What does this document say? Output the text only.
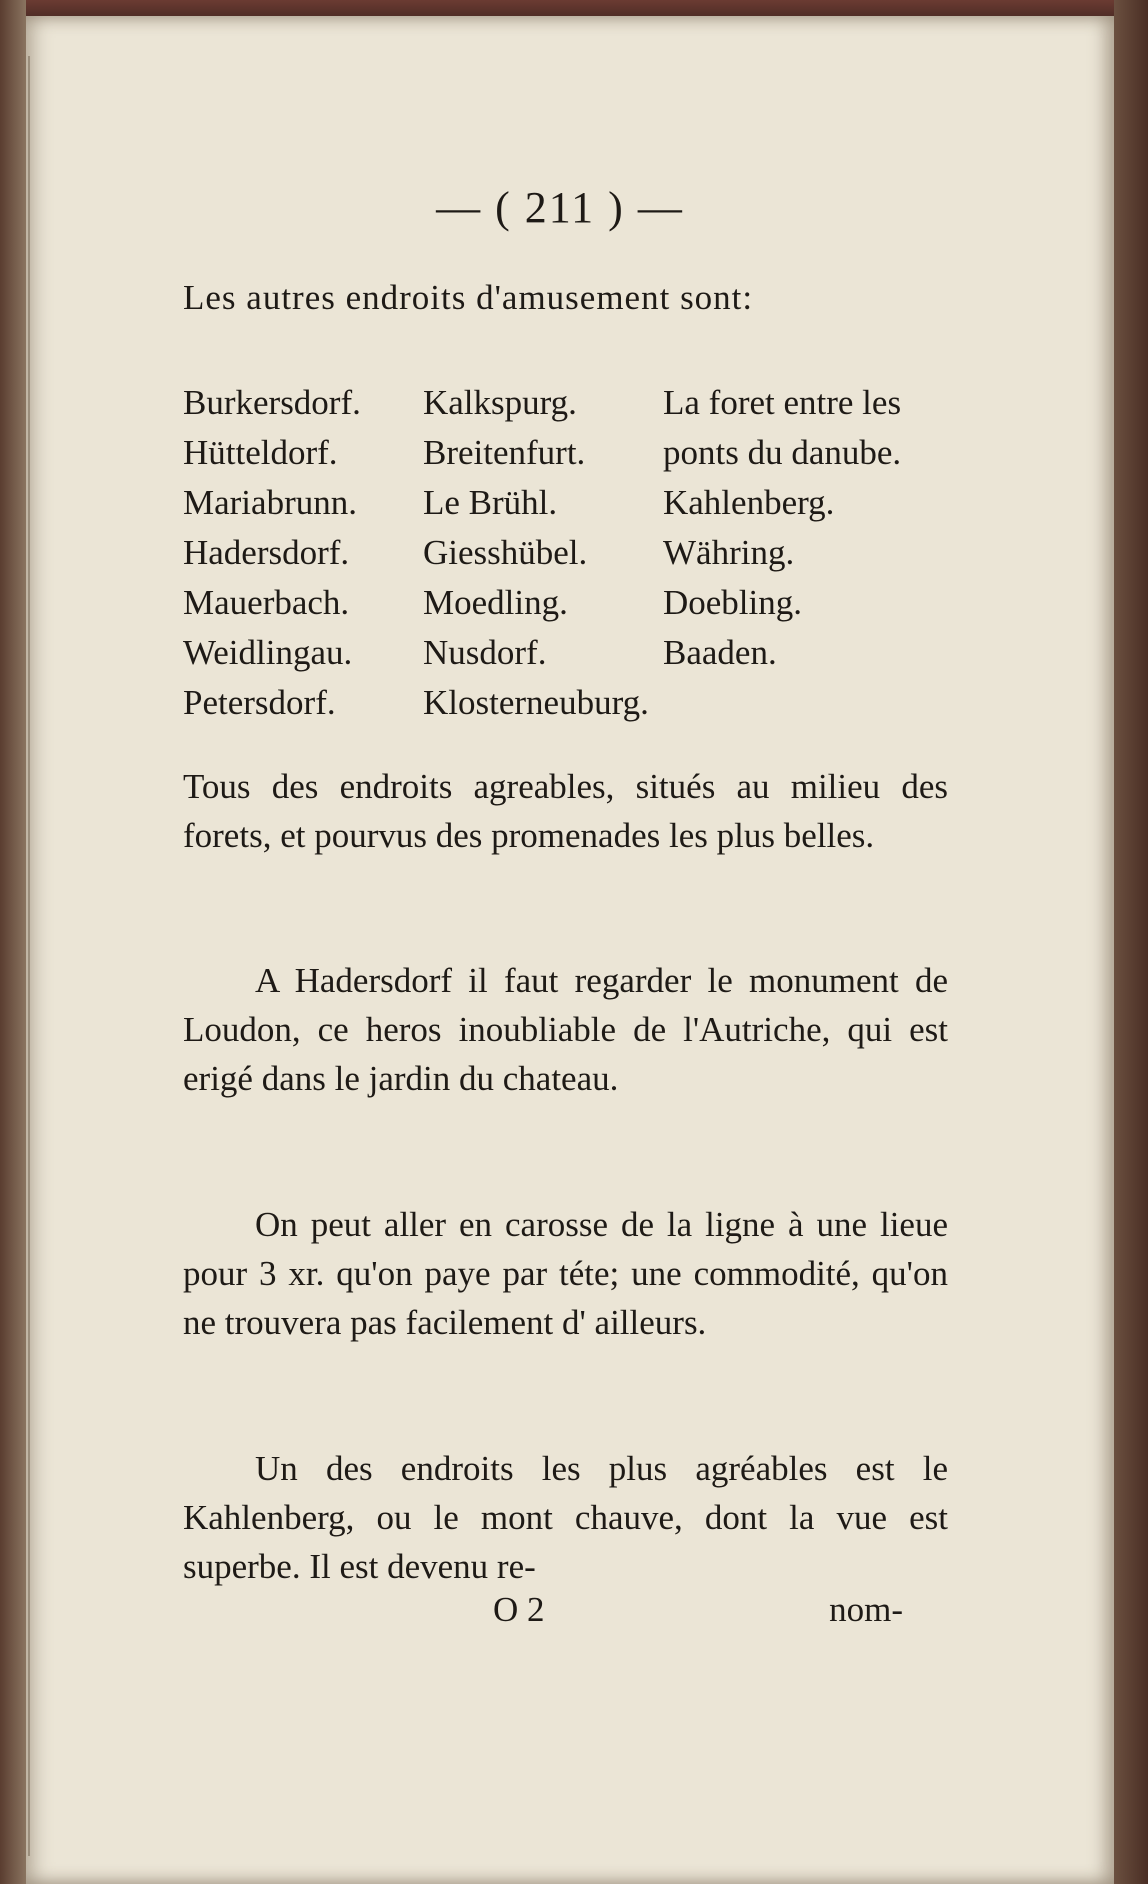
— ( 211 ) —
Les autres endroits d'amusement sont:
Burkersdorf.	Kalkspurg.	La foret entre les
Hütteldorf.	Breitenfurt.	ponts du danube.
Mariabrunn.	Le Brühl.	Kahlenberg.
Hadersdorf.	Giesshübel.	Währing.
Mauerbach.	Moedling.	Doebling.
Weidlingau.	Nusdorf.	Baaden.
Petersdorf.	Klosterneuburg.

Tous des endroits agreables, situés au milieu des forets, et pourvus des promenades les plus belles.

A Hadersdorf il faut regarder le monument de Loudon, ce heros inoubliable de l'Autriche, qui est erigé dans le jardin du chateau.

On peut aller en carosse de la ligne à une lieue pour 3 xr. qu'on paye par téte; une commodité, qu'on ne trouvera pas facilement d' ailleurs.

Un des endroits les plus agréables est le Kahlenberg, ou le mont chauve, dont la vue est superbe. Il est devenu re-

O 2	nom-
